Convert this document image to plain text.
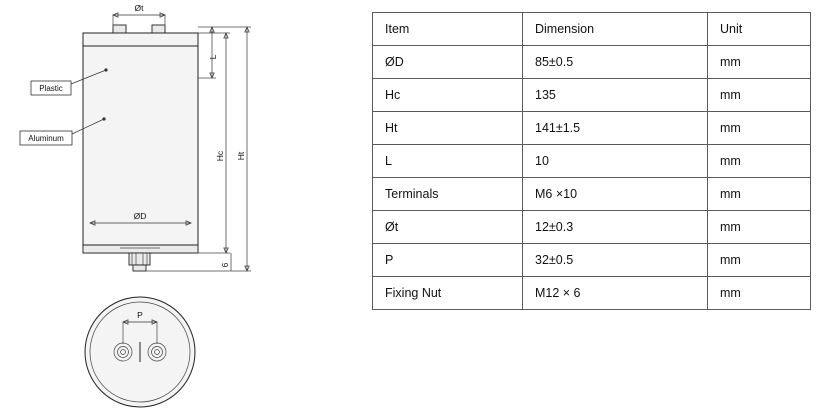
Øt
L
Hc Ht
6
ØD
Plastic
Aluminum
P
Item	Dimension	Unit
ØD	85±0.5	mm
Hc	135	mm
Ht	141±1.5	mm
L	10	mm
Terminals	M6 ×10	mm
Øt	12±0.3	mm
P	32±0.5	mm
Fixing Nut	M12 × 6	mm
